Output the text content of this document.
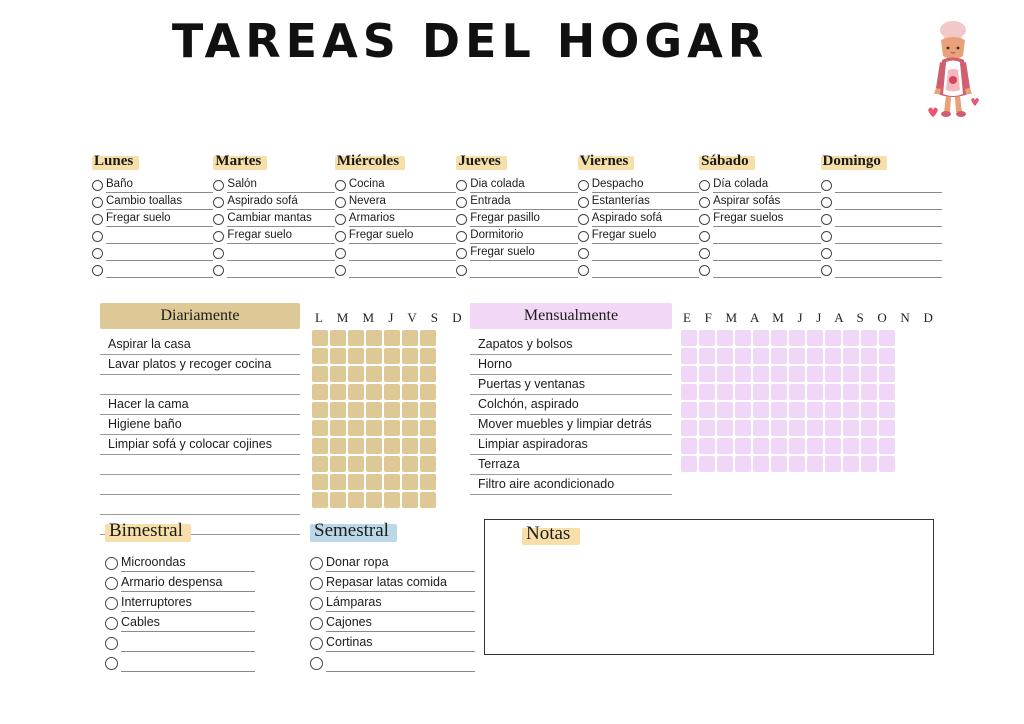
TAREAS DEL HOGAR
Lunes
Baño
Cambio toallas
Fregar suelo
Martes
Salón
Aspirado sofá
Cambiar mantas
Fregar suelo
Miércoles
Cocina
Nevera
Armarios
Fregar suelo
Jueves
Dia colada
Entrada
Fregar pasillo
Dormitorio
Fregar suelo
Viernes
Despacho
Estanterías
Aspirado sofá
Fregar suelo
Sábado
Día colada
Aspirar sofás
Fregar suelos
Domingo
Diariamente
Aspirar la casa
Lavar platos y recoger cocina
Hacer la cama
Higiene baño
Limpiar sofá y colocar cojines
L M M J V S D	Mensualmente
Zapatos y bolsos
Horno
Puertas y ventanas
Colchón, aspirado
Mover muebles y limpiar detrás
Limpiar aspiradoras
Terraza
Filtro aire acondicionado
E F M A M J J A S O N D
Bimestral
Microondas
Armario despensa
Interruptores
Cables
Semestral
Donar ropa
Repasar latas comida
Lámparas
Cajones
Cortinas
Notas
